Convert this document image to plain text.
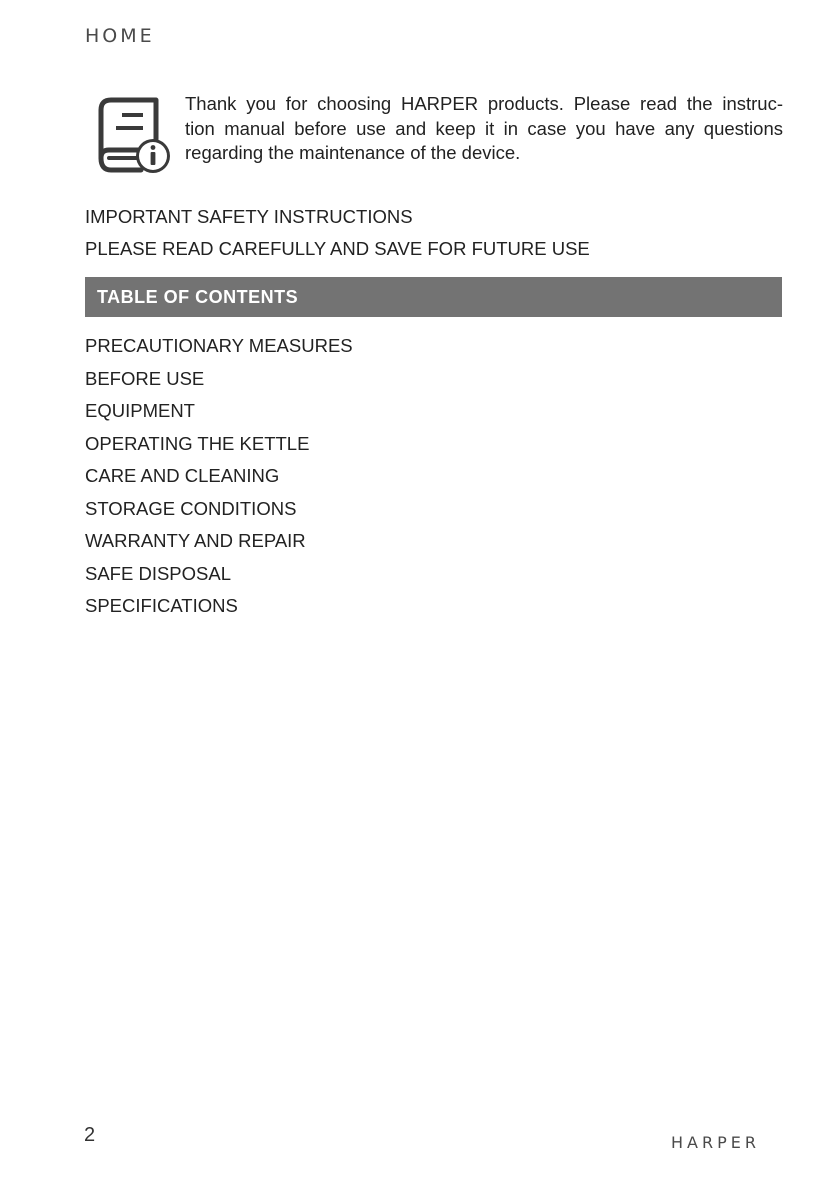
HOME
Thank you for choosing HARPER products. Please read the instruc-
tion manual before use and keep it in case you have any questions
regarding the maintenance of the device.
IMPORTANT SAFETY INSTRUCTIONS
PLEASE READ CAREFULLY AND SAVE FOR FUTURE USE
TABLE OF CONTENTS
PRECAUTIONARY MEASURES
BEFORE USE
EQUIPMENT
OPERATING THE KETTLE
CARE AND CLEANING
STORAGE CONDITIONS
WARRANTY AND REPAIR
SAFE DISPOSAL
SPECIFICATIONS
2	HARPER
